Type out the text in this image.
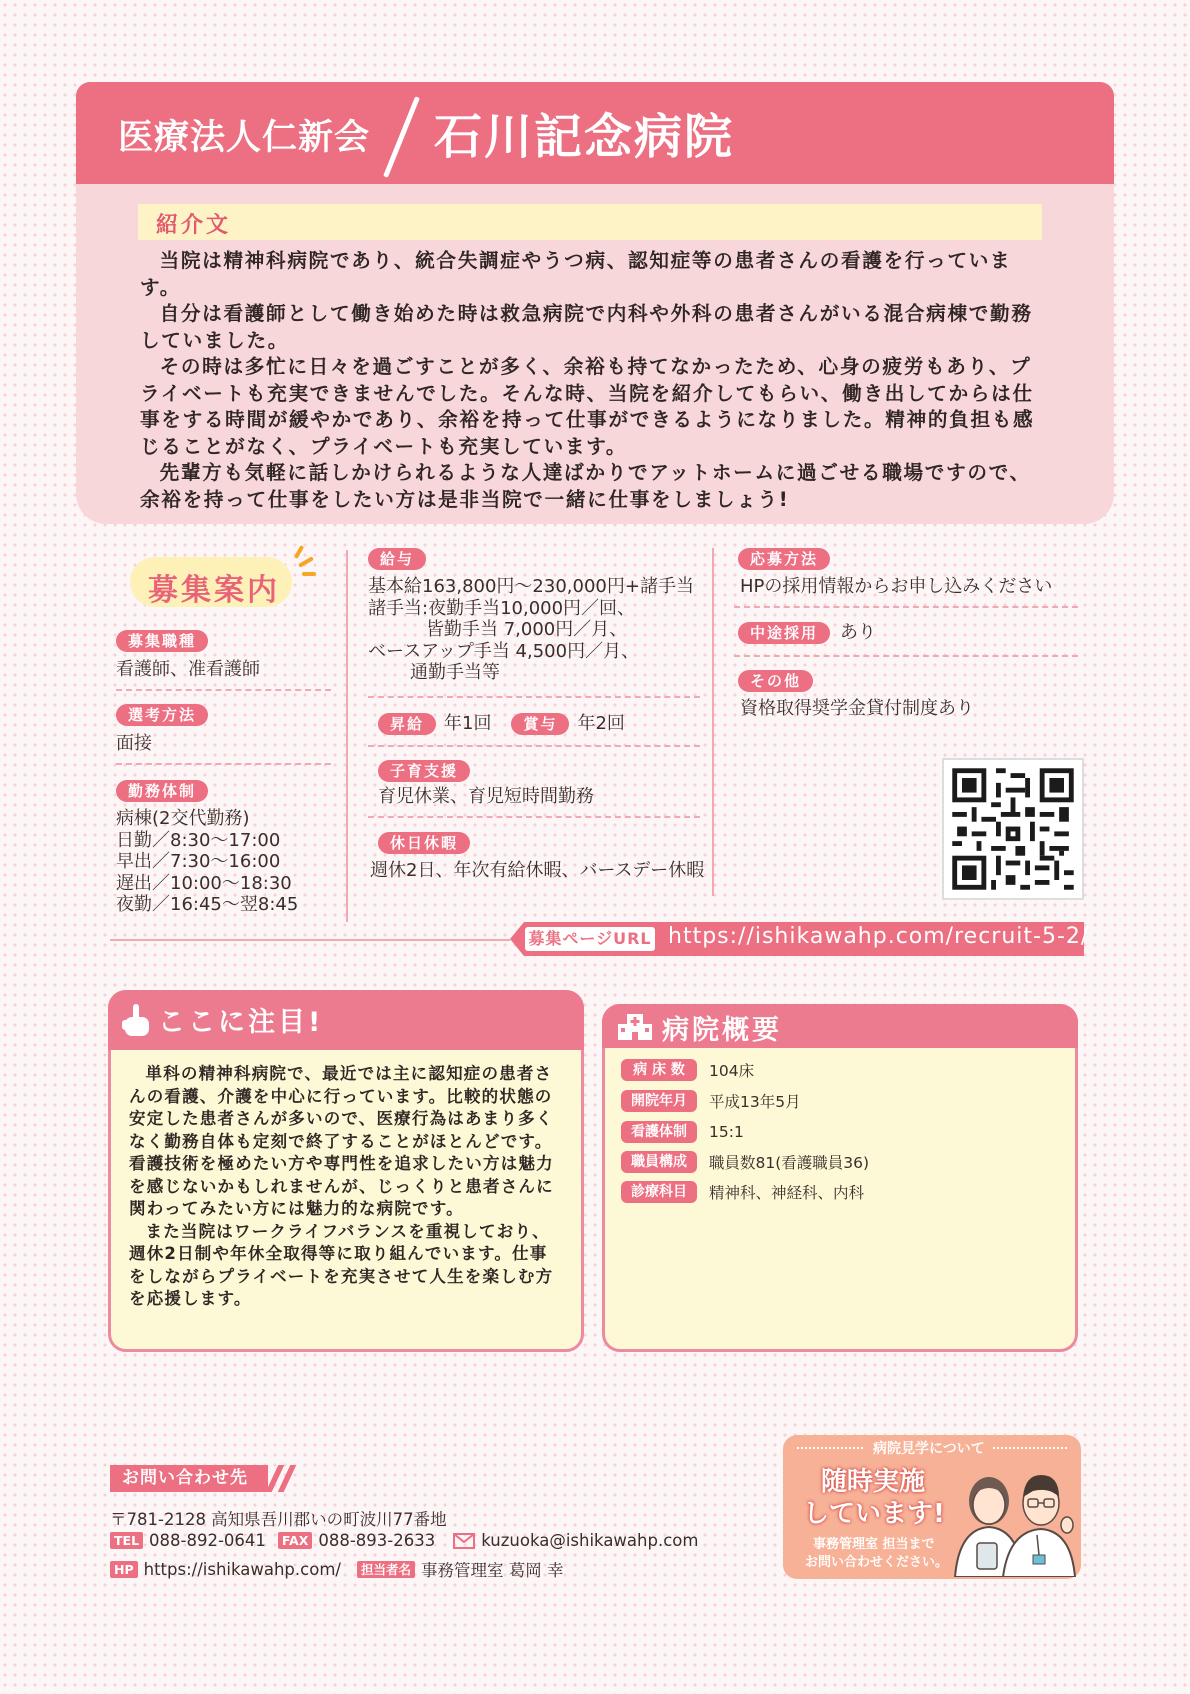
医療法人仁新会 石川記念病院
紹介文

当院は精神科病院であり、統合失調症やうつ病、認知症等の患者さんの看護を行っています。

自分は看護師として働き始めた時は救急病院で内科や外科の患者さんがいる混合病棟で勤務していました。

その時は多忙に日々を過ごすことが多く、余裕も持てなかったため、心身の疲労もあり、プライベートも充実できませんでした。そんな時、当院を紹介してもらい、働き出してからは仕事をする時間が緩やかであり、余裕を持って仕事ができるようになりました。精神的負担も感じることがなく、プライベートも充実しています。

先輩方も気軽に話しかけられるような人達ばかりでアットホームに過ごせる職場ですので、余裕を持って仕事をしたい方は是非当院で一緒に仕事をしましょう!

募集案内
募集職種
看護師、准看護師
選考方法
面接
勤務体制
病棟(2交代勤務)
日勤／8:30〜17:00
早出／7:30〜16:00
遅出／10:00〜18:30
夜勤／16:45〜翌8:45
給与
基本給163,800円〜230,000円+諸手当
諸手当:夜勤手当10,000円／回、
皆勤手当 7,000円／月、
ベースアップ手当 4,500円／月、
通勤手当等
昇給	年1回	賞与	年2回
子育支援
育児休業、育児短時間勤務
休日休暇
週休2日、年次有給休暇、バースデー休暇
応募方法
HPの採用情報からお申し込みください
中途採用	あり
その他
資格取得奨学金貸付制度あり
募集ページURL https://ishikawahp.com/recruit-5-2/
ここに注目!

単科の精神科病院で、最近では主に認知症の患者さんの看護、介護を中心に行っています。比較的状態の安定した患者さんが多いので、医療行為はあまり多くなく勤務自体も定刻で終了することがほとんどです。看護技術を極めたい方や専門性を追求したい方は魅力を感じないかもしれませんが、じっくりと患者さんに関わってみたい方には魅力的な病院です。

また当院はワークライフバランスを重視しており、週休2日制や年休全取得等に取り組んでいます。仕事をしながらプライベートを充実させて人生を楽しむ方を応援します。

病院概要
病 床 数	104床
開院年月	平成13年5月
看護体制	15:1
職員構成	職員数81(看護職員36)
診療科目	精神科、神経科、内科
お問い合わせ先
〒781-2128 高知県吾川郡いの町波川77番地
TEL 088-892-0641	FAX 088-893-2633	kuzuoka@ishikawahp.com
HP https://ishikawahp.com/	担当者名 事務管理室 葛岡 幸
病院見学について
随時実施
しています!
事務管理室 担当まで
お問い合わせください。
